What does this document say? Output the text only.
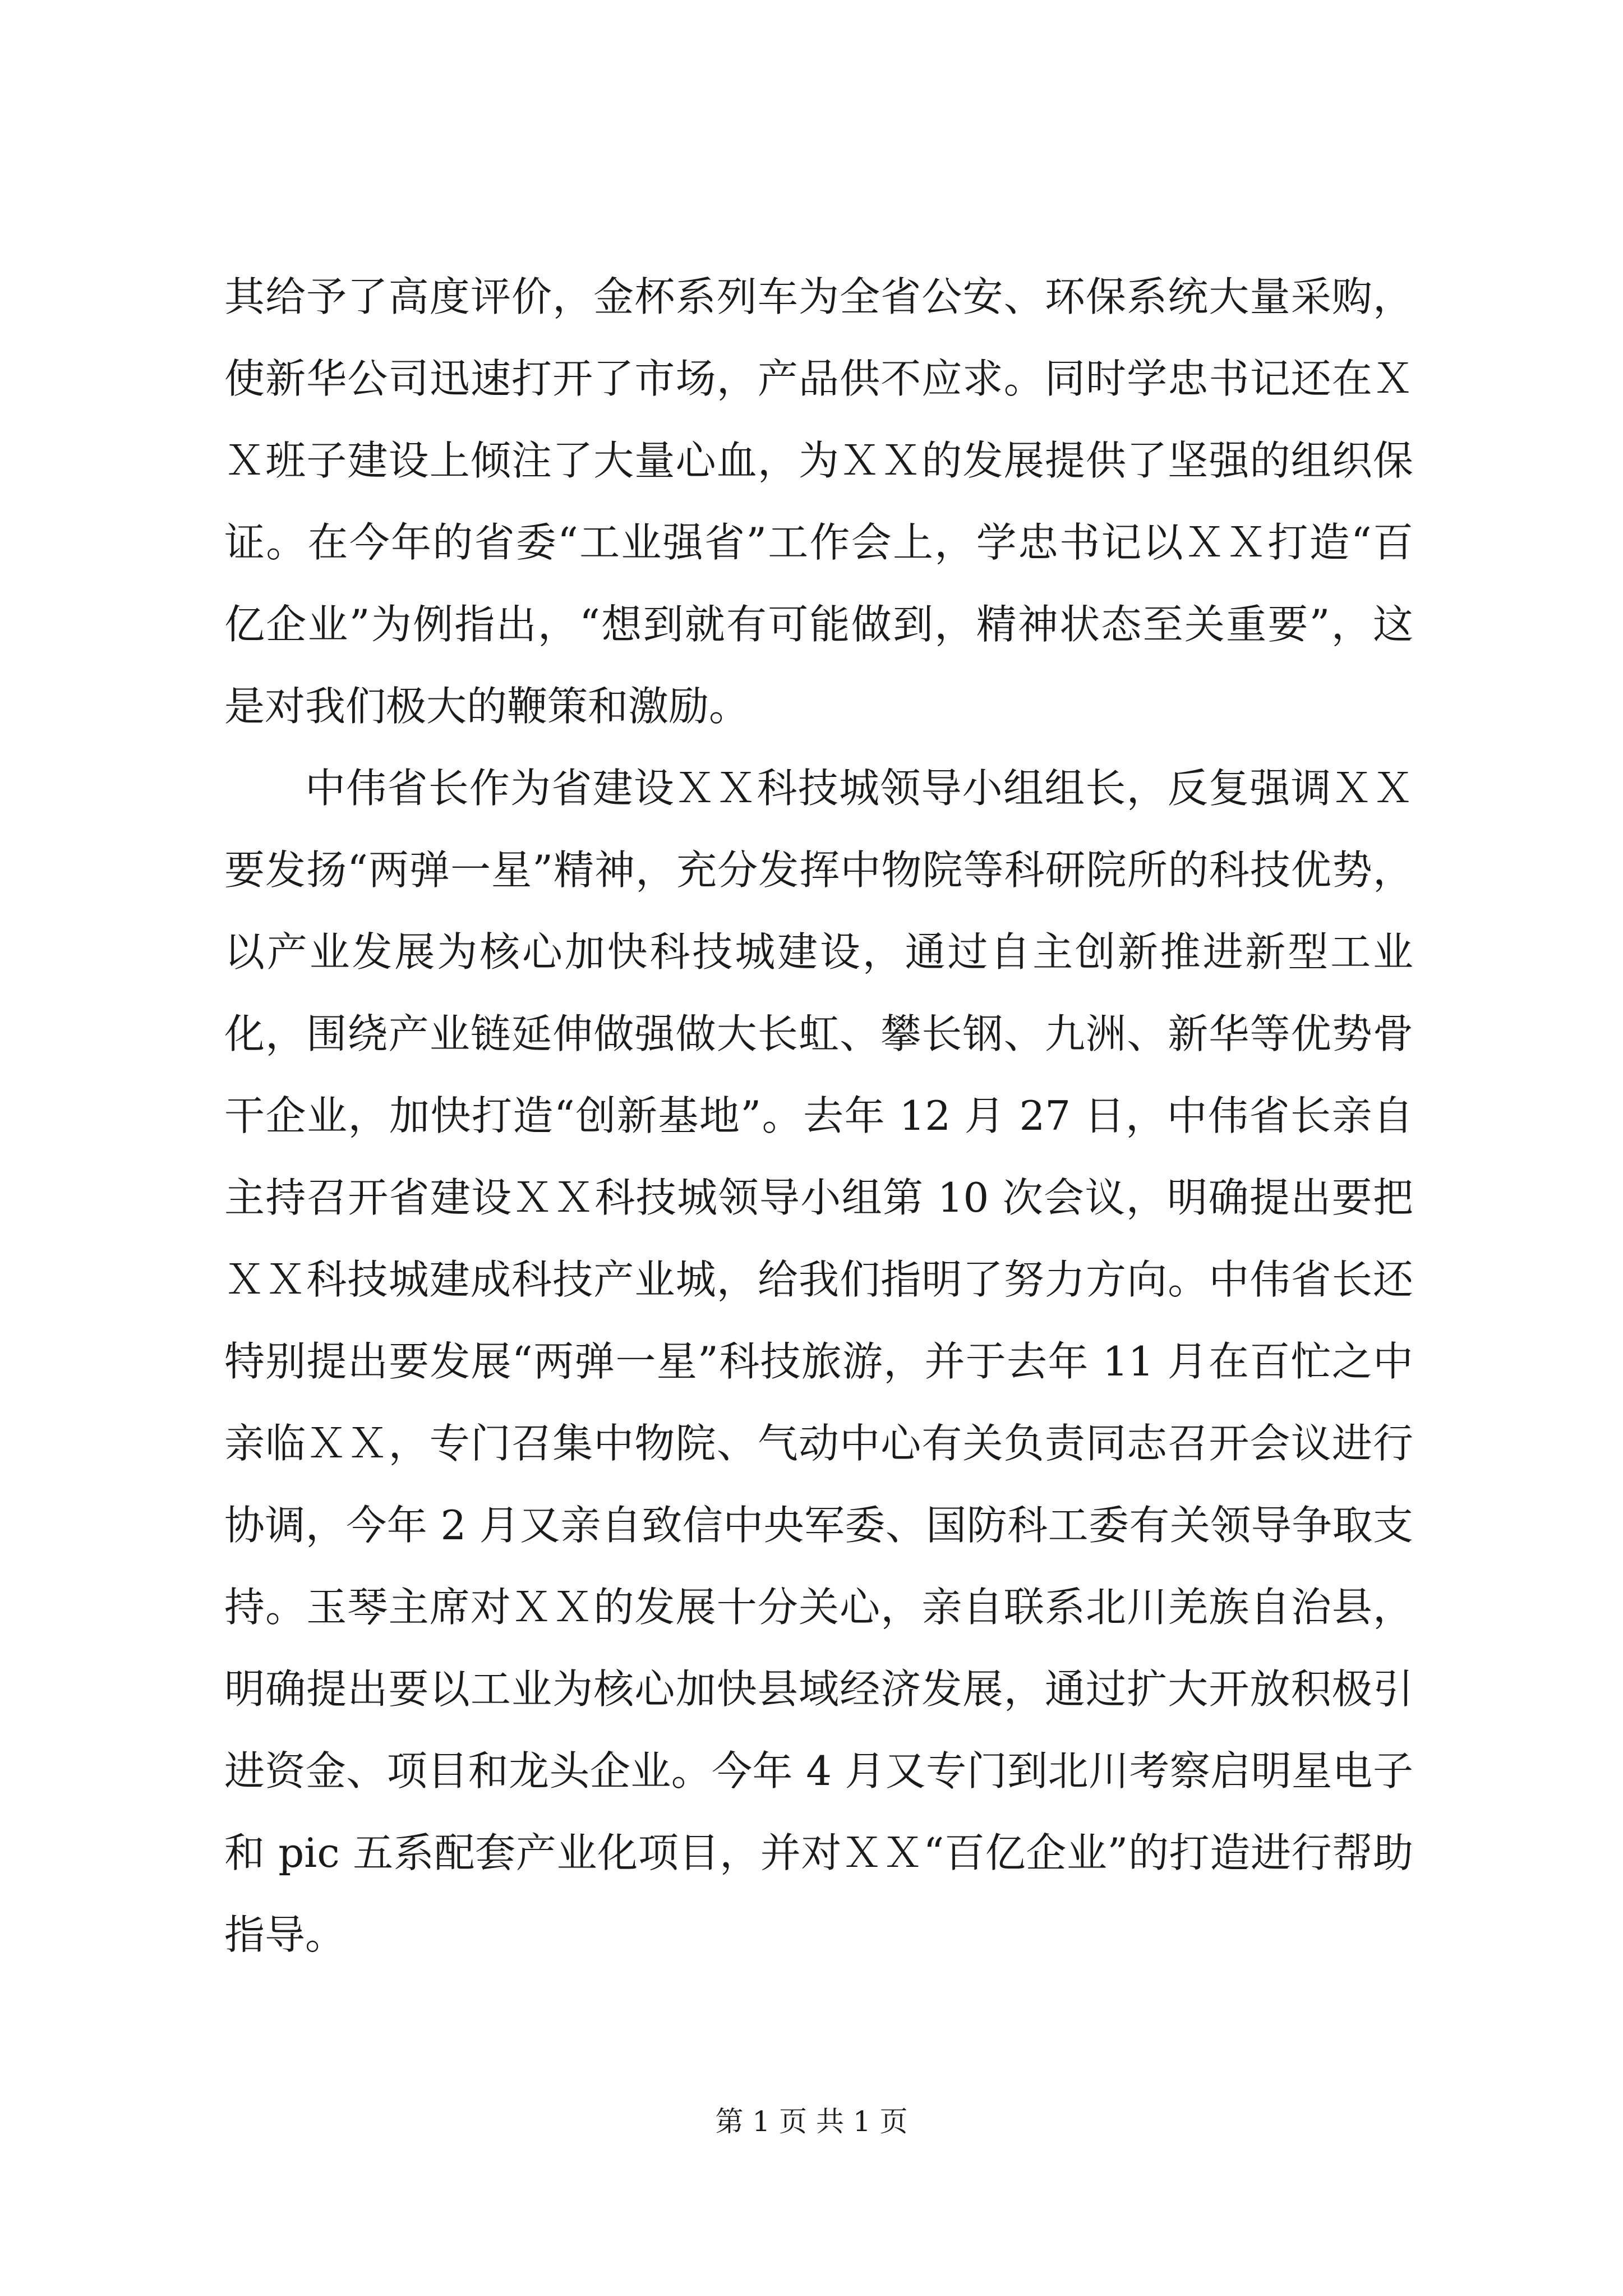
其给予了高度评价，金杯系列车为全省公安、环保系统大量采购，使新华公司迅速打开了市场，产品供不应求。同时学忠书记还在ＸＸ班子建设上倾注了大量心血，为ＸＸ的发展提供了坚强的组织保证。在今年的省委“工业强省”工作会上，学忠书记以ＸＸ打造“百亿企业”为例指出，“想到就有可能做到，精神状态至关重要”，这是对我们极大的鞭策和激励。

中伟省长作为省建设ＸＸ科技城领导小组组长，反复强调ＸＸ要发扬“两弹一星”精神，充分发挥中物院等科研院所的科技优势，以产业发展为核心加快科技城建设，通过自主创新推进新型工业化，围绕产业链延伸做强做大长虹、攀长钢、九洲、新华等优势骨干企业，加快打造“创新基地”。去年 12 月 27 日，中伟省长亲自主持召开省建设ＸＸ科技城领导小组第 10 次会议，明确提出要把ＸＸ科技城建成科技产业城，给我们指明了努力方向。中伟省长还特别提出要发展“两弹一星”科技旅游，并于去年 11 月在百忙之中亲临ＸＸ，专门召集中物院、气动中心有关负责同志召开会议进行协调，今年 2 月又亲自致信中央军委、国防科工委有关领导争取支持。玉琴主席对ＸＸ的发展十分关心，亲自联系北川羌族自治县，明确提出要以工业为核心加快县域经济发展，通过扩大开放积极引进资金、项目和龙头企业。今年 4 月又专门到北川考察启明星电子和 pic 五系配套产业化项目，并对ＸＸ“百亿企业”的打造进行帮助指导。

第 1 页 共 1 页
